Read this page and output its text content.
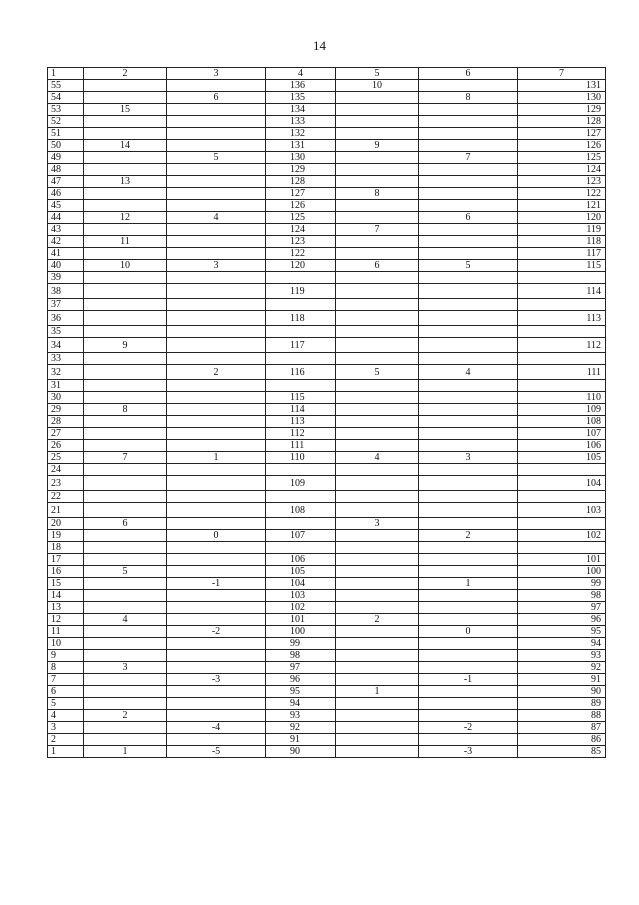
14
1	2	3	4	5	6	7
55			136	10		131
54		6	135		8	130
53	15		134			129
52			133			128
51			132			127
50	14		131	9		126
49		5	130		7	125
48			129			124
47	13		128			123
46			127	8		122
45			126			121
44	12	4	125		6	120
43			124	7		119
42	11		123			118
41			122			117
40	10	3	120	6	5	115
39						
38			119			114
37						
36			118			113
35						
34	9		117			112
33						
32		2	116	5	4	111
31						
30			115			110
29	8		114			109
28			113			108
27			112			107
26			111			106
25	7	1	110	4	3	105
24						
23			109			104
22						
21			108			103
20	6			3		
19		0	107		2	102
18						
17			106			101
16	5		105			100
15		-1	104		1	99
14			103			98
13			102			97
12	4		101	2		96
11		-2	100		0	95
10			99			94
9			98			93
8	3		97			92
7		-3	96		-1	91
6			95	1		90
5			94			89
4	2		93			88
3		-4	92		-2	87
2			91			86
1	1	-5	90		-3	85
